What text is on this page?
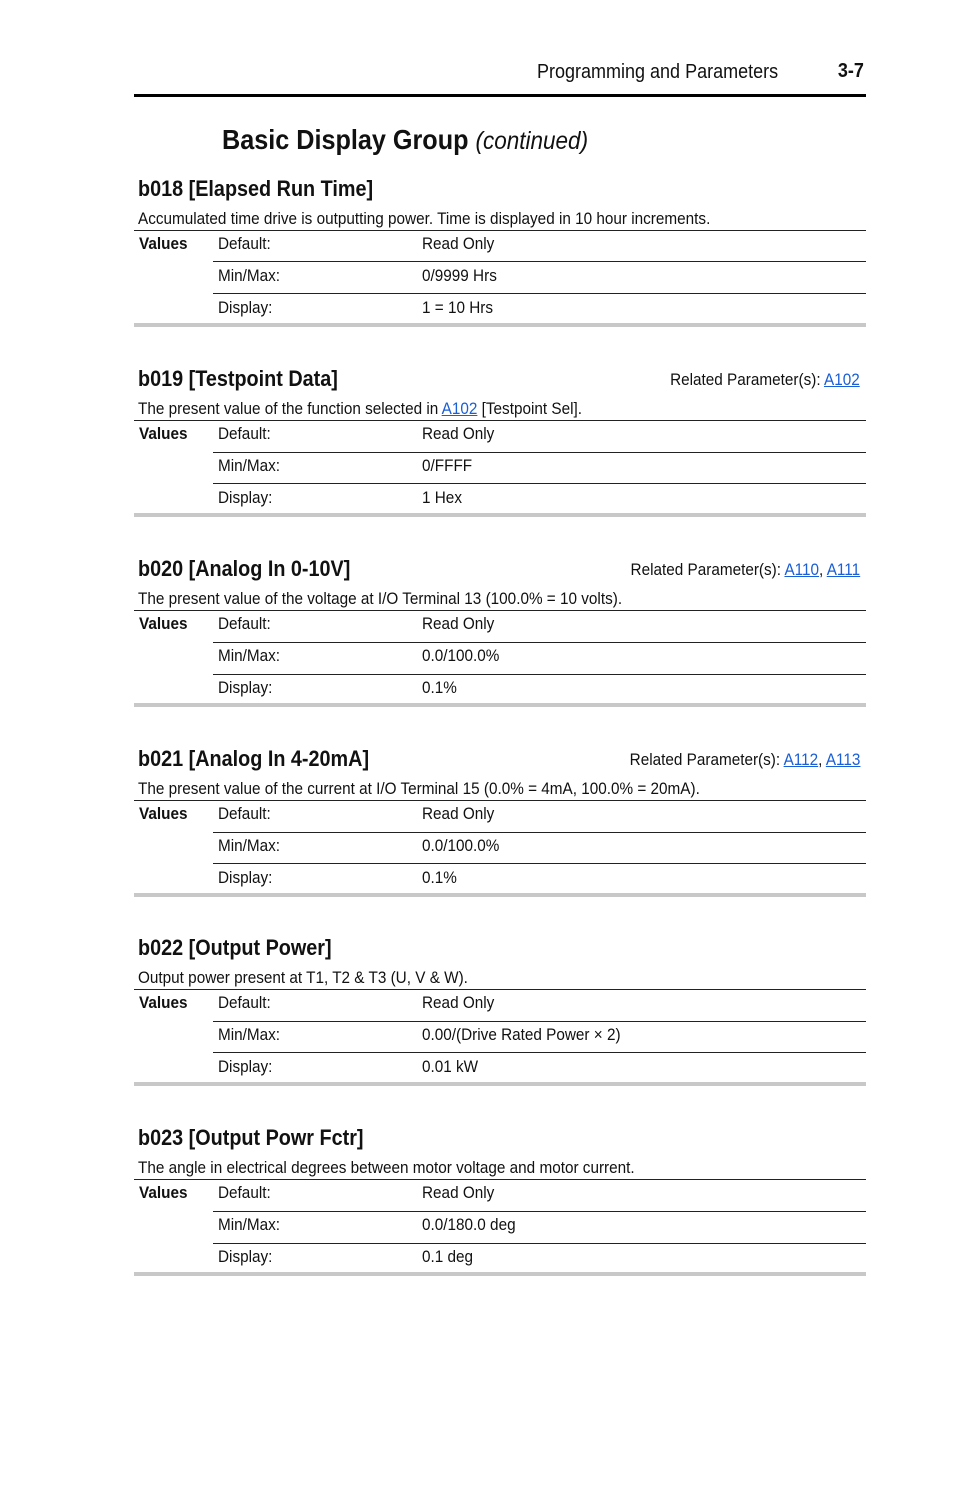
Programming and Parameters	3-7
Basic Display Group (continued)
b018 [Elapsed Run Time]
Accumulated time drive is outputting power. Time is displayed in 10 hour increments.
Values Default:	Read Only
Min/Max:	0/9999 Hrs
Display:	1 = 10 Hrs
b019 [Testpoint Data]	Related Parameter(s): A102
The present value of the function selected in A102 [Testpoint Sel].
Values Default:	Read Only
Min/Max:	0/FFFF
Display:	1 Hex
b020 [Analog In 0-10V]	Related Parameter(s): A110, A111
The present value of the voltage at I/O Terminal 13 (100.0% = 10 volts).
Values Default:	Read Only
Min/Max:	0.0/100.0%
Display:	0.1%
b021 [Analog In 4-20mA]	Related Parameter(s): A112, A113
The present value of the current at I/O Terminal 15 (0.0% = 4mA, 100.0% = 20mA).
Values Default:	Read Only
Min/Max:	0.0/100.0%
Display:	0.1%
b022 [Output Power]
Output power present at T1, T2 & T3 (U, V & W).
Values Default:	Read Only
Min/Max:	0.00/(Drive Rated Power × 2)
Display:	0.01 kW
b023 [Output Powr Fctr]
The angle in electrical degrees between motor voltage and motor current.
Values Default:	Read Only
Min/Max:	0.0/180.0 deg
Display:	0.1 deg
